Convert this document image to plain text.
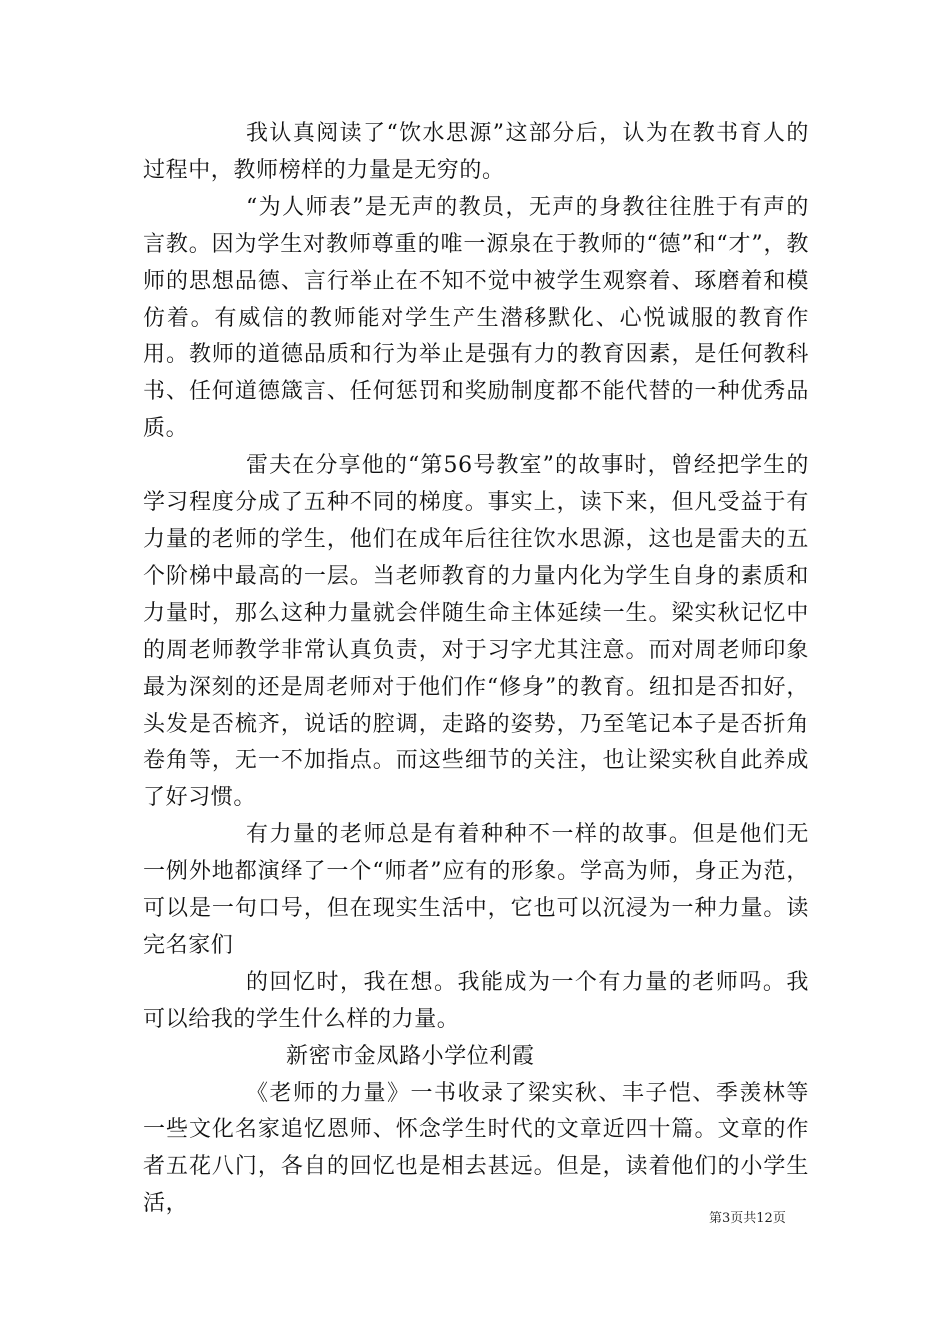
我认真阅读了“饮水思源”这部分后，认为在教书育人的过程中，教师榜样的力量是无穷的。

“为人师表”是无声的教员，无声的身教往往胜于有声的言教。因为学生对教师尊重的唯一源泉在于教师的“德”和“才”，教师的思想品德、言行举止在不知不觉中被学生观察着、琢磨着和模仿着。有威信的教师能对学生产生潜移默化、心悦诚服的教育作用。教师的道德品质和行为举止是强有力的教育因素，是任何教科书、任何道德箴言、任何惩罚和奖励制度都不能代替的一种优秀品质。

雷夫在分享他的“第56号教室”的故事时，曾经把学生的学习程度分成了五种不同的梯度。事实上，读下来，但凡受益于有力量的老师的学生，他们在成年后往往饮水思源，这也是雷夫的五个阶梯中最高的一层。当老师教育的力量内化为学生自身的素质和力量时，那么这种力量就会伴随生命主体延续一生。梁实秋记忆中的周老师教学非常认真负责，对于习字尤其注意。而对周老师印象最为深刻的还是周老师对于他们作“修身”的教育。纽扣是否扣好，头发是否梳齐，说话的腔调，走路的姿势，乃至笔记本子是否折角卷角等，无一不加指点。而这些细节的关注，也让梁实秋自此养成了好习惯。

有力量的老师总是有着种种不一样的故事。但是他们无一例外地都演绎了一个“师者”应有的形象。学高为师，身正为范，可以是一句口号，但在现实生活中，它也可以沉浸为一种力量。读完名家们

的回忆时，我在想。我能成为一个有力量的老师吗。我可以给我的学生什么样的力量。

新密市金凤路小学位利霞

《老师的力量》一书收录了梁实秋、丰子恺、季羡林等一些文化名家追忆恩师、怀念学生时代的文章近四十篇。文章的作者五花八门，各自的回忆也是相去甚远。但是，读着他们的小学生活，

第3页共12页
